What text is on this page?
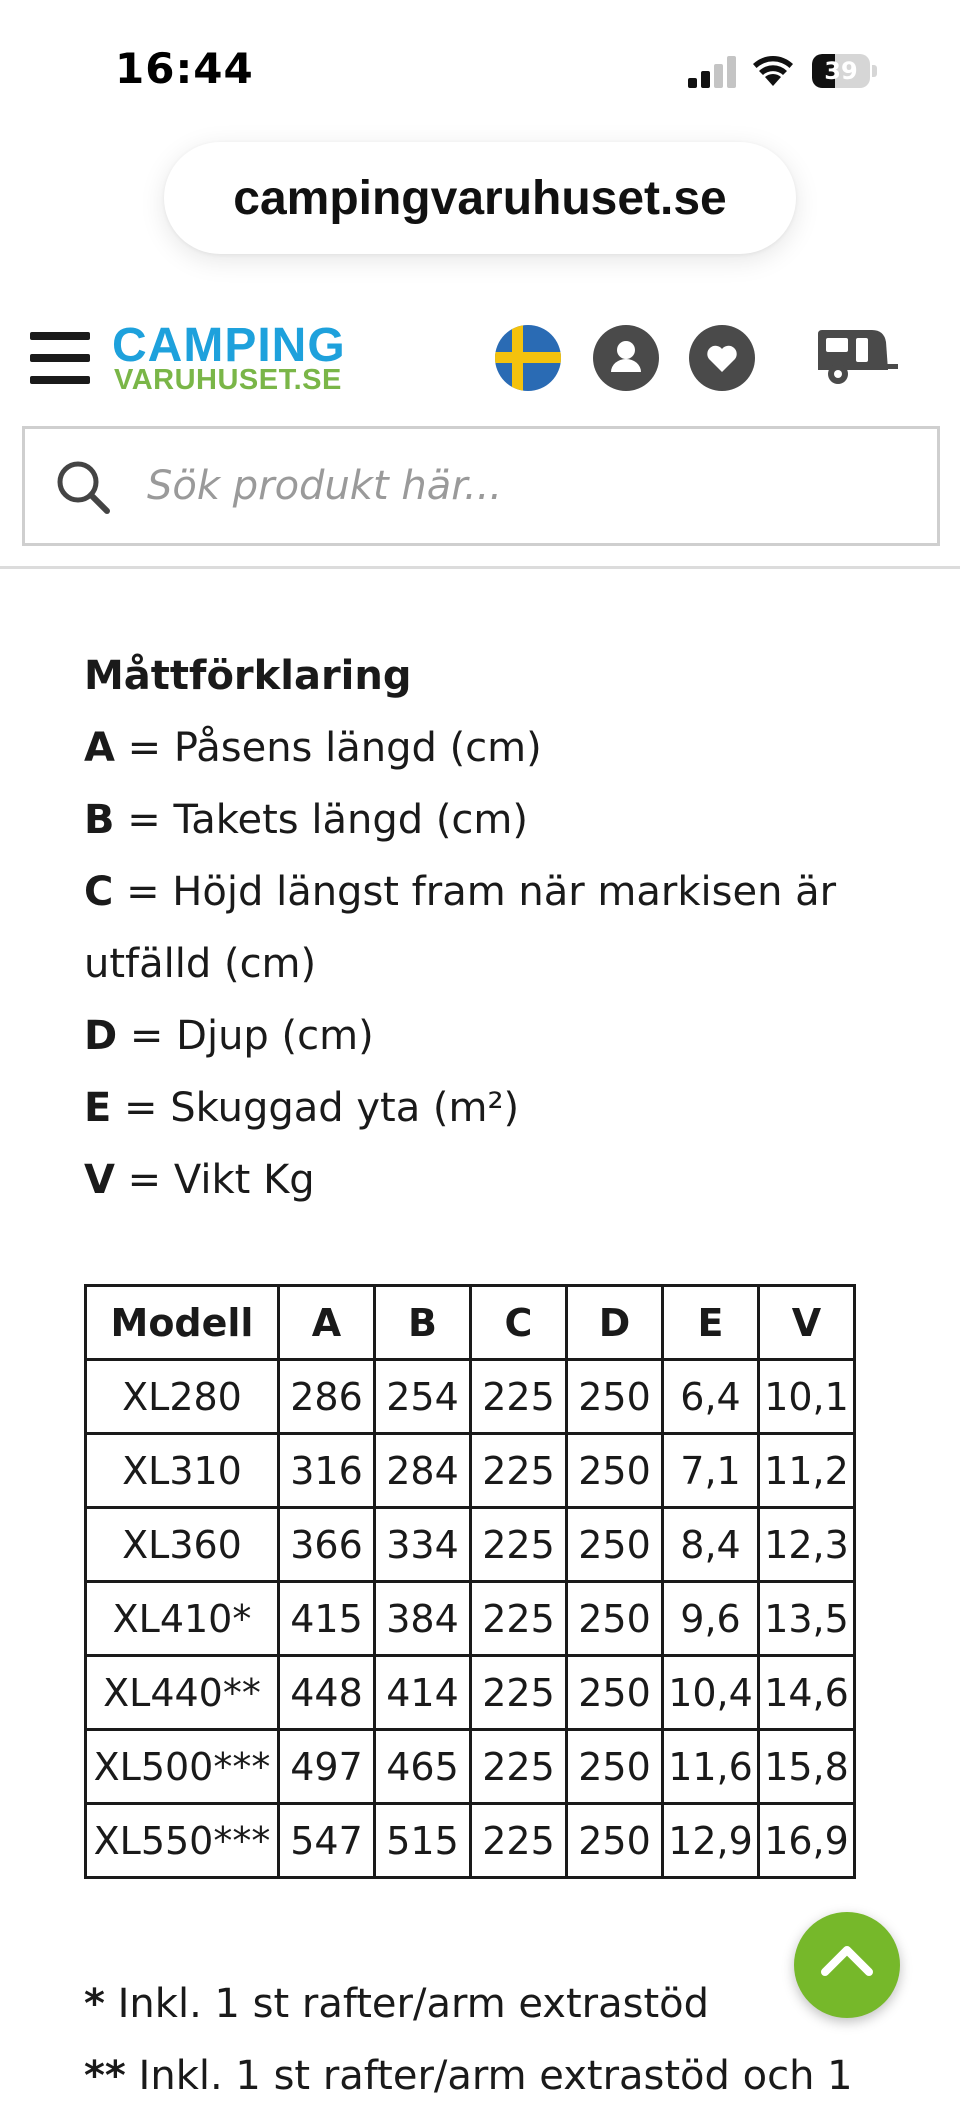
16:44	39
campingvaruhuset.se
CAMPING
VARUHUSET.SE
Sök produkt här...
Måttförklaring

A = Påsens längd (cm)

B = Takets längd (cm)

C = Höjd längst fram när markisen är utfälld (cm)

D = Djup (cm)

E = Skuggad yta (m²)

V = Vikt Kg

Modell	A	B	C	D	E	V
XL280	286	254	225	250	6,4	10,1
XL310	316	284	225	250	7,1	11,2
XL360	366	334	225	250	8,4	12,3
XL410*	415	384	225	250	9,6	13,5
XL440**	448	414	225	250	10,4	14,6
XL500***	497	465	225	250	11,6	15,8
XL550***	547	515	225	250	12,9	16,9

* Inkl. 1 st rafter/arm extrastöd

** Inkl. 1 st rafter/arm extrastöd och 1
